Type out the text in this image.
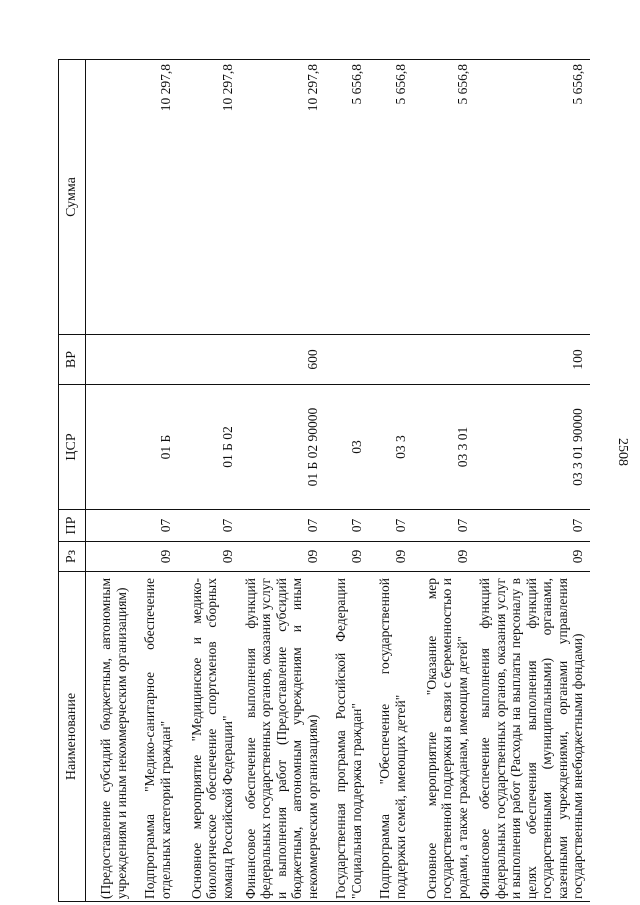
2508
Наименование	Рз	ПР	ЦСР	ВР	Сумма
(Предоставление субсидий бюджетным, автономным учреждениям и иным некоммерческим организациям)					
Подпрограмма "Медико-санитарное обеспечение отдельных категорий граждан"	09	07	01 Б		10 297,8
Основное мероприятие "Медицинское и медико-биологическое обеспечение спортсменов сборных команд Российской Федерации"	09	07	01 Б 02		10 297,8
Финансовое обеспечение выполнения функций федеральных государственных органов, оказания услуг и выполнения работ (Предоставление субсидий бюджетным, автономным учреждениям и иным некоммерческим организациям)	09	07	01 Б 02 90000	600	10 297,8
Государственная программа Российской Федерации "Социальная поддержка граждан"	09	07	03		5 656,8
Подпрограмма "Обеспечение государственной поддержки семей, имеющих детей"	09	07	03 3		5 656,8
Основное мероприятие "Оказание мер государственной поддержки в связи с беременностью и родами, а также гражданам, имеющим детей"	09	07	03 3 01		5 656,8
Финансовое обеспечение выполнения функций федеральных государственных органов, оказания услуг и выполнения работ (Расходы на выплаты персоналу в целях обеспечения выполнения функций государственными (муниципальными) органами, казенными учреждениями, органами управления государственными внебюджетными фондами)	09	07	03 3 01 90000	100	5 656,8
